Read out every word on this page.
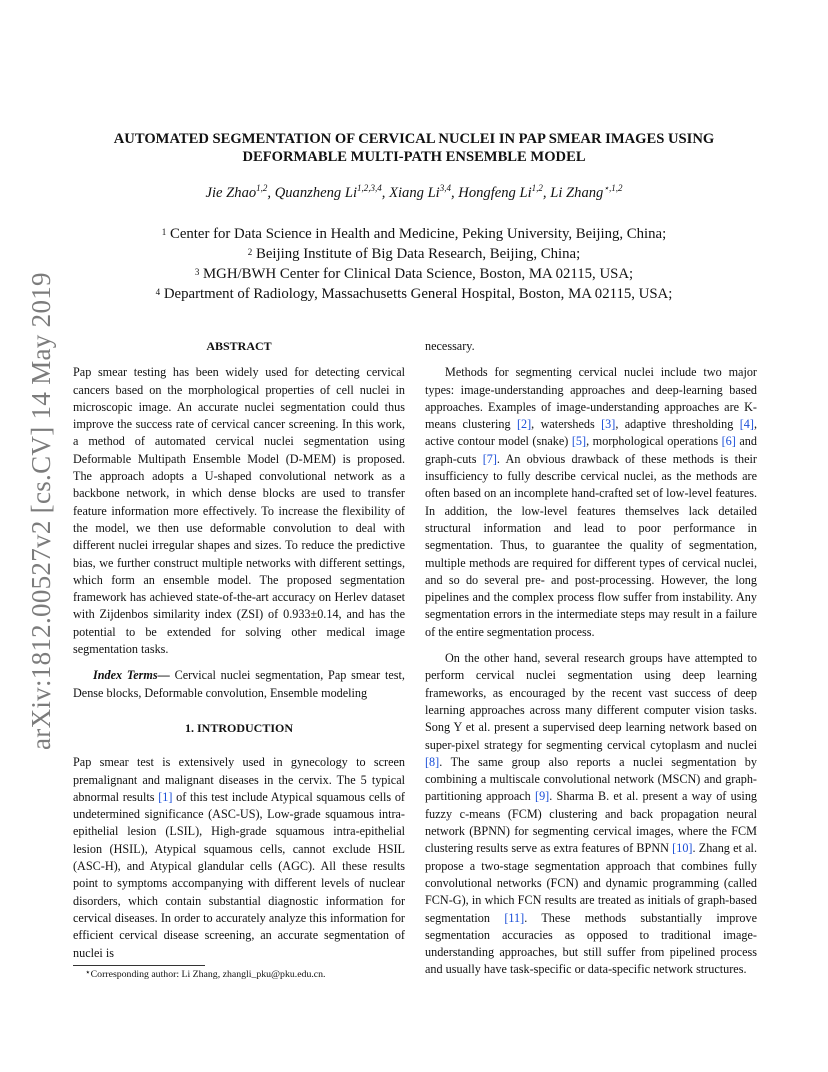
arXiv:1812.00527v2 [cs.CV] 14 May 2019
AUTOMATED SEGMENTATION OF CERVICAL NUCLEI IN PAP SMEAR IMAGES USING
DEFORMABLE MULTI-PATH ENSEMBLE MODEL
Jie Zhao$^{1,2}$, Quanzheng Li$^{1,2,3,4}$, Xiang Li$^{3,4}$, Hongfeng Li$^{1,2}$, Li Zhang$^{⋆,1,2}$
$^1$ Center for Data Science in Health and Medicine, Peking University, Beijing, China;
$^2$ Beijing Institute of Big Data Research, Beijing, China;
$^3$ MGH/BWH Center for Clinical Data Science, Boston, MA 02115, USA;
$^4$ Department of Radiology, Massachusetts General Hospital, Boston, MA 02115, USA;

ABSTRACT

Pap smear testing has been widely used for detecting cervical cancers based on the morphological properties of cell nuclei in microscopic image. An accurate nuclei segmentation could thus improve the success rate of cervical cancer screening. In this work, a method of automated cervical nuclei segmentation using Deformable Multipath Ensemble Model (D-MEM) is proposed. The approach adopts a U-shaped convolutional network as a backbone network, in which dense blocks are used to transfer feature information more effectively. To increase the flexibility of the model, we then use deformable convolution to deal with different nuclei irregular shapes and sizes. To reduce the predictive bias, we further construct multiple networks with different settings, which form an ensemble model. The proposed segmentation framework has achieved state-of-the-art accuracy on Herlev dataset with Zijdenbos similarity index (ZSI) of 0.933±0.14, and has the potential to be extended for solving other medical image segmentation tasks.

Index Terms— Cervical nuclei segmentation, Pap smear test, Dense blocks, Deformable convolution, Ensemble modeling

1. INTRODUCTION

Pap smear test is extensively used in gynecology to screen premalignant and malignant diseases in the cervix. The 5 typical abnormal results [1] of this test include Atypical squamous cells of undetermined significance (ASC-US), Low-grade squamous intra-epithelial lesion (LSIL), High-grade squamous intra-epithelial lesion (HSIL), Atypical squamous cells, cannot exclude HSIL (ASC-H), and Atypical glandular cells (AGC). All these results point to symptoms accompanying with different levels of nuclear disorders, which contain substantial diagnostic information for cervical diseases. In order to accurately analyze this information for efficient cervical disease screening, an accurate segmentation of nuclei is

necessary.

Methods for segmenting cervical nuclei include two major types: image-understanding approaches and deep-learning based approaches. Examples of image-understanding approaches are K-means clustering [2], watersheds [3], adaptive thresholding [4], active contour model (snake) [5], morphological operations [6] and graph-cuts [7]. An obvious drawback of these methods is their insufficiency to fully describe cervical nuclei, as the methods are often based on an incomplete hand-crafted set of low-level features. In addition, the low-level features themselves lack detailed structural information and lead to poor performance in segmentation. Thus, to guarantee the quality of segmentation, multiple methods are required for different types of cervical nuclei, and so do several pre- and post-processing. However, the long pipelines and the complex process flow suffer from instability. Any segmentation errors in the intermediate steps may result in a failure of the entire segmentation process.

On the other hand, several research groups have attempted to perform cervical nuclei segmentation using deep learning frameworks, as encouraged by the recent vast success of deep learning approaches across many different computer vision tasks. Song Y et al. present a supervised deep learning network based on super-pixel strategy for segmenting cervical cytoplasm and nuclei [8]. The same group also reports a nuclei segmentation by combining a multiscale convolutional network (MSCN) and graph-partitioning approach [9]. Sharma B. et al. present a way of using fuzzy c-means (FCM) clustering and back propagation neural network (BPNN) for segmenting cervical images, where the FCM clustering results serve as extra features of BPNN [10]. Zhang et al. propose a two-stage segmentation approach that combines fully convolutional networks (FCN) and dynamic programming (called FCN-G), in which FCN results are treated as initials of graph-based segmentation [11]. These methods substantially improve segmentation accuracies as opposed to traditional image-understanding approaches, but still suffer from pipelined process and usually have task-specific or data-specific network structures.

⋆Corresponding author: Li Zhang, zhangli_pku@pku.edu.cn.
